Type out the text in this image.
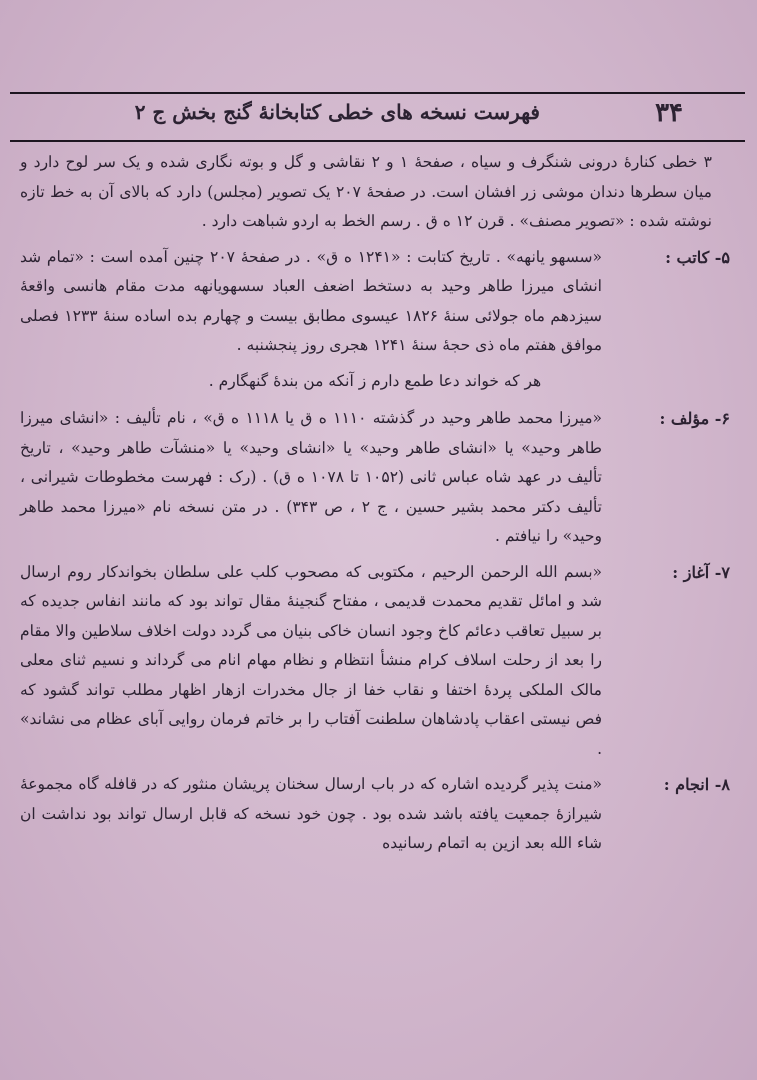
۳۴
فهرست نسخه های خطی کتابخانهٔ گنج بخش ج ۲

۳ خطی کنارهٔ درونی شنگرف و سیاه ، صفحهٔ ۱ و ۲ نقاشی و گل و بوته نگاری شده و یک سر لوح دارد و میان سطرها دندان موشی زر افشان است. در صفحهٔ ۲۰۷ یک تصویر (مجلس) دارد که بالای آن به خط تازه نوشته شده : «تصویر مصنف» . قرن ۱۲ ه ق . رسم الخط به اردو شباهت دارد .

۵- کاتب :
«سسهو یانهه» . تاریخ کتابت : «۱۲۴۱ ه ق» . در صفحهٔ ۲۰۷ چنین آمده است : «تمام شد انشای میرزا طاهر وحید به دستخط اضعف العباد سسهویانهه مدت مقام هانسی واقعهٔ سیزدهم ماه جولائی سنهٔ ۱۸۲۶ عیسوی مطابق بیست و چهارم بده اساده سنهٔ ۱۲۳۳ فصلی موافق هفتم ماه ذی حجهٔ سنهٔ ۱۲۴۱ هجری روز پنجشنبه .
هر که خواند دعا طمع دارم ز آنکه من بندهٔ گنهگارم .
۶- مؤلف :
«میرزا محمد طاهر وحید در گذشته ۱۱۱۰ ه ق یا ۱۱۱۸ ه ق» ، نام تألیف : «انشای میرزا طاهر وحید» یا «انشای طاهر وحید» یا «انشای وحید» یا «منشآت طاهر وحید» ، تاریخ تألیف در عهد شاه عباس ثانی (۱۰۵۲ تا ۱۰۷۸ ه ق) . (رک : فهرست مخطوطات شیرانی ، تألیف دکتر محمد بشیر حسین ، ج ۲ ، ص ۳۴۳) . در متن نسخه نام «میرزا محمد طاهر وحید» را نیافتم .
۷- آغاز :
«بسم الله الرحمن الرحیم ، مکتوبی که مصحوب کلب علی سلطان بخواندکار روم ارسال شد و امائل تقدیم محمدت قدیمی ، مفتاح گنجینهٔ مقال تواند بود که مانند انفاس جدیده که بر سبیل تعاقب دعائم کاخ وجود انسان خاکی بنیان می گردد دولت اخلاف سلاطین والا مقام را بعد از رحلت اسلاف کرام منشأ انتظام و نظام مهام انام می گرداند و نسیم ثنای معلی مالک الملکی پردهٔ اختفا و نقاب خفا از جال مخدرات ازهار اظهار مطلب تواند گشود که فص نیستی اعقاب پادشاهان سلطنت آفتاب را بر خاتم فرمان روایی آبای عظام می نشاند» .
۸- انجام :
«منت پذیر گردیده اشاره که در باب ارسال سخنان پریشان منثور که در قافله گاه مجموعهٔ شیرازهٔ جمعیت یافته باشد شده بود . چون خود نسخه که قابل ارسال تواند بود نداشت ان شاء الله بعد ازین به اتمام رسانیده
